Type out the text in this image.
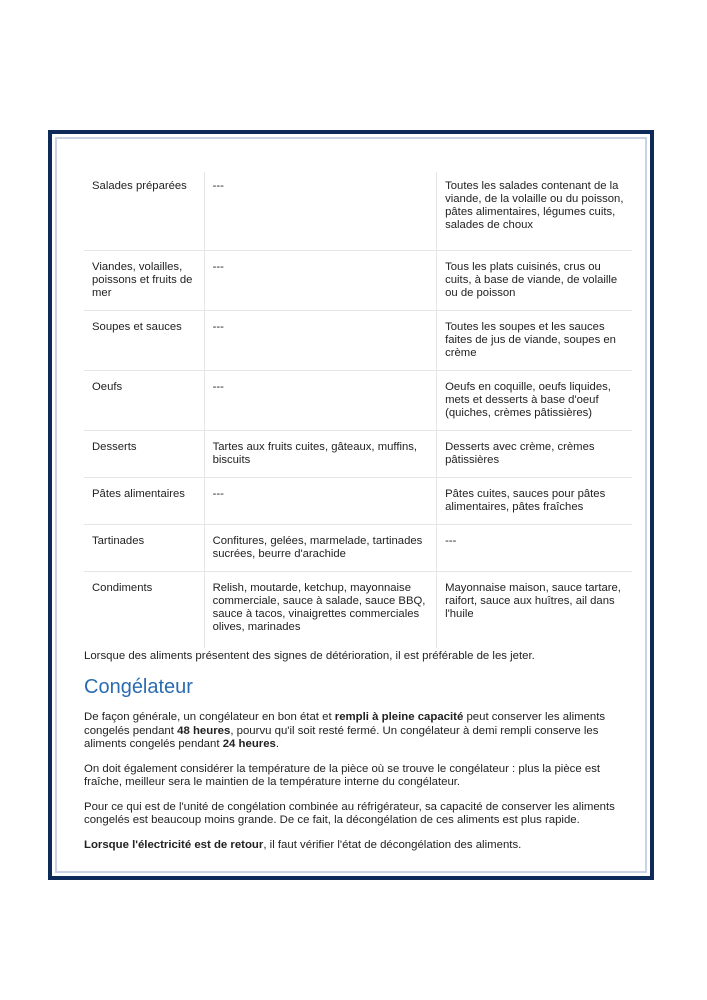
Salades préparées	---	Toutes les salades contenant de la viande, de la volaille ou du poisson, pâtes alimentaires, légumes cuits, salades de choux
Viandes, volailles, poissons et fruits de mer	---	Tous les plats cuisinés, crus ou cuits, à base de viande, de volaille ou de poisson
Soupes et sauces	---	Toutes les soupes et les sauces faites de jus de viande, soupes en crème
Oeufs	---	Oeufs en coquille, oeufs liquides, mets et desserts à base d'oeuf (quiches, crèmes pâtissières)
Desserts	Tartes aux fruits cuites, gâteaux, muffins, biscuits	Desserts avec crème, crèmes pâtissières
Pâtes alimentaires	---	Pâtes cuites, sauces pour pâtes alimentaires, pâtes fraîches
Tartinades	Confitures, gelées, marmelade, tartinades sucrées, beurre d'arachide	---
Condiments	Relish, moutarde, ketchup, mayonnaise commerciale, sauce à salade, sauce BBQ, sauce à tacos, vinaigrettes commerciales olives, marinades	Mayonnaise maison, sauce tartare, raifort, sauce aux huîtres, ail dans l'huile
Lorsque des aliments présentent des signes de détérioration, il est préférable de les jeter.
Congélateur

De façon générale, un congélateur en bon état et rempli à pleine capacité peut conserver les aliments congelés pendant 48 heures, pourvu qu'il soit resté fermé. Un congélateur à demi rempli conserve les aliments congelés pendant 24 heures.

On doit également considérer la température de la pièce où se trouve le congélateur : plus la pièce est fraîche, meilleur sera le maintien de la température interne du congélateur.

Pour ce qui est de l'unité de congélation combinée au réfrigérateur, sa capacité de conserver les aliments congelés est beaucoup moins grande. De ce fait, la décongélation de ces aliments est plus rapide.

Lorsque l'électricité est de retour, il faut vérifier l'état de décongélation des aliments.
